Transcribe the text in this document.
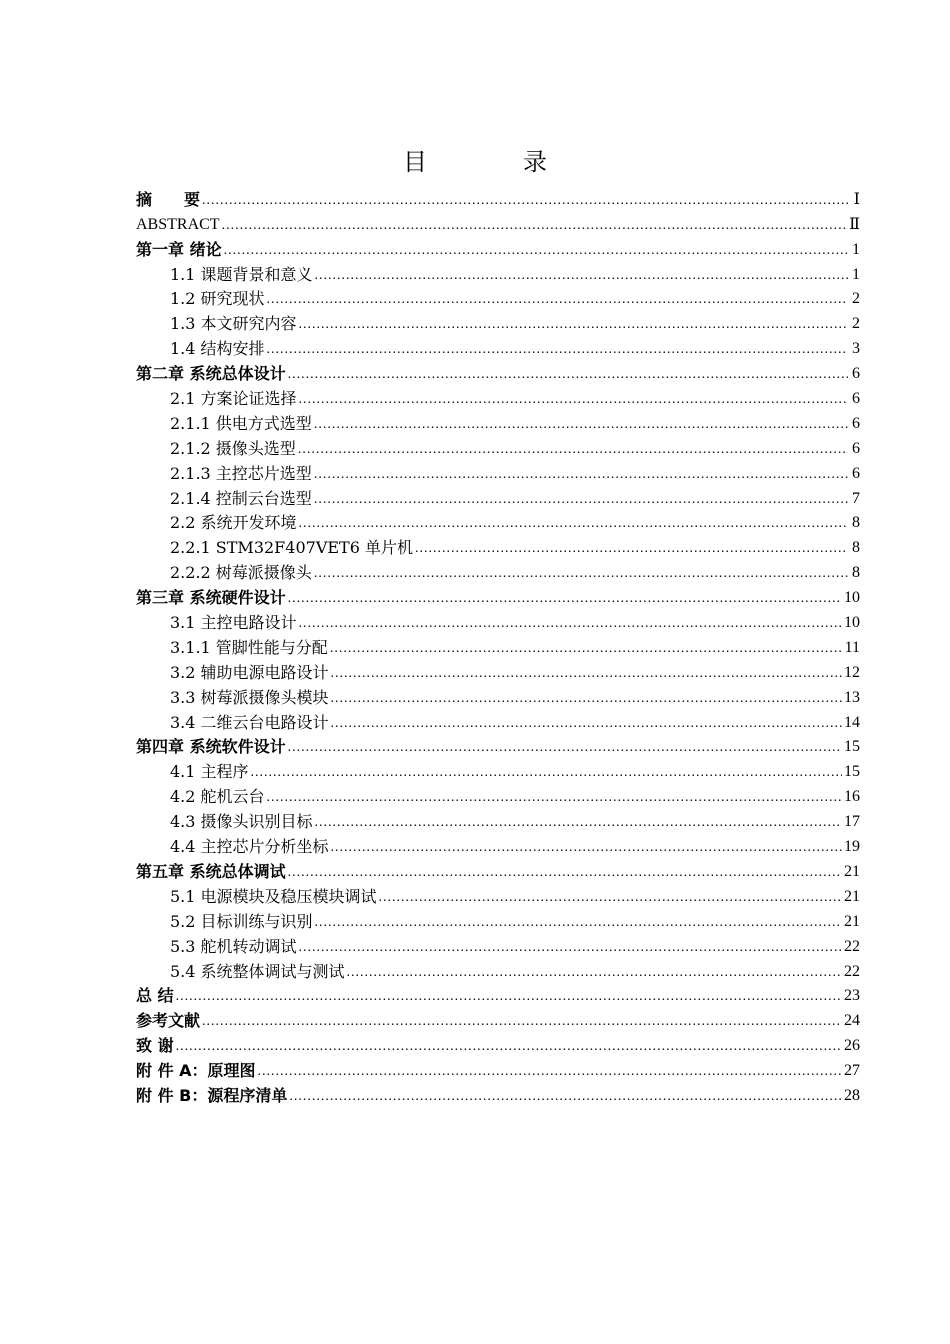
目　录
摘　　要 .....	Ⅰ
ABSTRACT .....	Ⅱ
第一章 绪论 .....	1
1.1 课题背景和意义 .....	1
1.2 研究现状 .....	2
1.3 本文研究内容 .....	2
1.4 结构安排 .....	3
第二章 系统总体设计 .....	6
2.1 方案论证选择 .....	6
2.1.1 供电方式选型 .....	6
2.1.2 摄像头选型 .....	6
2.1.3 主控芯片选型 .....	6
2.1.4 控制云台选型 .....	7
2.2 系统开发环境 .....	8
2.2.1 STM32F407VET6 单片机 .....	8
2.2.2 树莓派摄像头 .....	8
第三章 系统硬件设计 .....	10
3.1 主控电路设计 .....	10
3.1.1 管脚性能与分配 .....	11
3.2 辅助电源电路设计 .....	12
3.3 树莓派摄像头模块 .....	13
3.4 二维云台电路设计 .....	14
第四章 系统软件设计 .....	15
4.1 主程序 .....	15
4.2 舵机云台 .....	16
4.3 摄像头识别目标 .....	17
4.4 主控芯片分析坐标 .....	19
第五章 系统总体调试 .....	21
5.1 电源模块及稳压模块调试 .....	21
5.2 目标训练与识别 .....	21
5.3 舵机转动调试 .....	22
5.4 系统整体调试与测试 .....	22
总 结 .....	23
参考文献 .....	24
致 谢 .....	26
附 件 A：原理图 .....	27
附 件 B：源程序清单 .....	28
